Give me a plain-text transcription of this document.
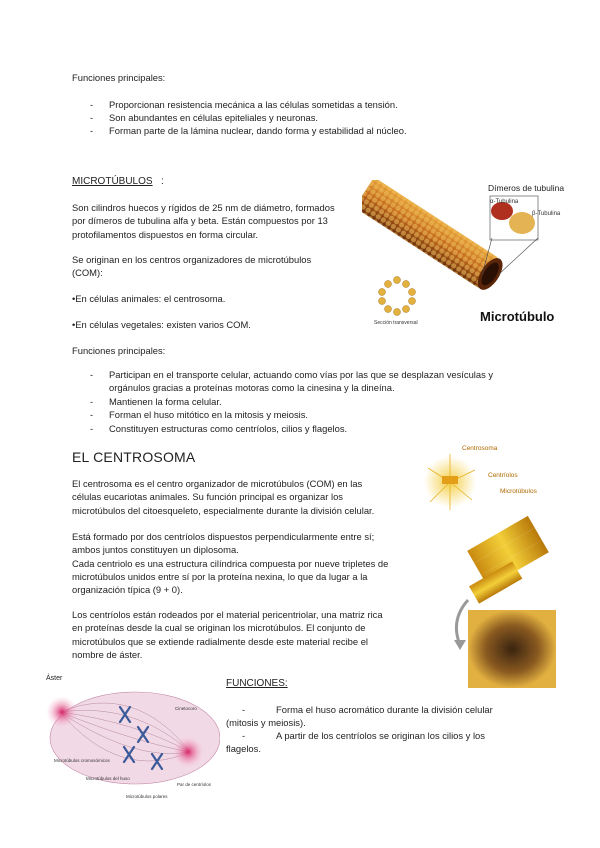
Funciones principales:
-	Proporcionan resistencia mecánica a las células sometidas a tensión.
-	Son abundantes en células epiteliales y neuronas.
-	Forman parte de la lámina nuclear, dando forma y estabilidad al núcleo.
MICROTÚBULOS :
Son cilindros huecos y rígidos de 25 nm de diámetro, formados
por dímeros de tubulina alfa y beta. Están compuestos por 13
protofilamentos dispuestos en forma circular.
Se originan en los centros organizadores de microtúbulos
(COM):
•En células animales: el centrosoma.
•En células vegetales: existen varios COM.
Funciones principales:
-	Participan en el transporte celular, actuando como vías por las que se desplazan vesículas y
orgánulos gracias a proteínas motoras como la cinesina y la dineína.
-	Mantienen la forma celular.
-	Forman el huso mitótico en la mitosis y meiosis.
-	Constituyen estructuras como centríolos, cilios y flagelos.
Dímeros de tubulina
α-Tubulina
β-Tubulina
Sección transversal	Microtúbulo
EL CENTROSOMA
El centrosoma es el centro organizador de microtúbulos (COM) en las
células eucariotas animales. Su función principal es organizar los
microtúbulos del citoesqueleto, especialmente durante la división celular.
Está formado por dos centríolos dispuestos perpendicularmente entre sí;
ambos juntos constituyen un diplosoma.
Cada centriolo es una estructura cilíndrica compuesta por nueve tripletes de
microtúbulos unidos entre sí por la proteína nexina, lo que da lugar a la
organización típica (9 + 0).
Los centríolos están rodeados por el material pericentriolar, una matriz rica
en proteínas desde la cual se originan los microtúbulos. El conjunto de
microtúbulos que se extiende radialmente desde este material recibe el
nombre de áster.
Centrosoma
Centríolos
Microtúbulos
FUNCIONES:
-	Forma el huso acromático durante la división celular
(mitosis y meiosis).
-	A partir de los centríolos se originan los cilios y los
flagelos.
Áster
Cinetocoro
Microtúbulos cromosómicos
Microtúbulos del huso
Microtúbulos polares
Par de centríolos
